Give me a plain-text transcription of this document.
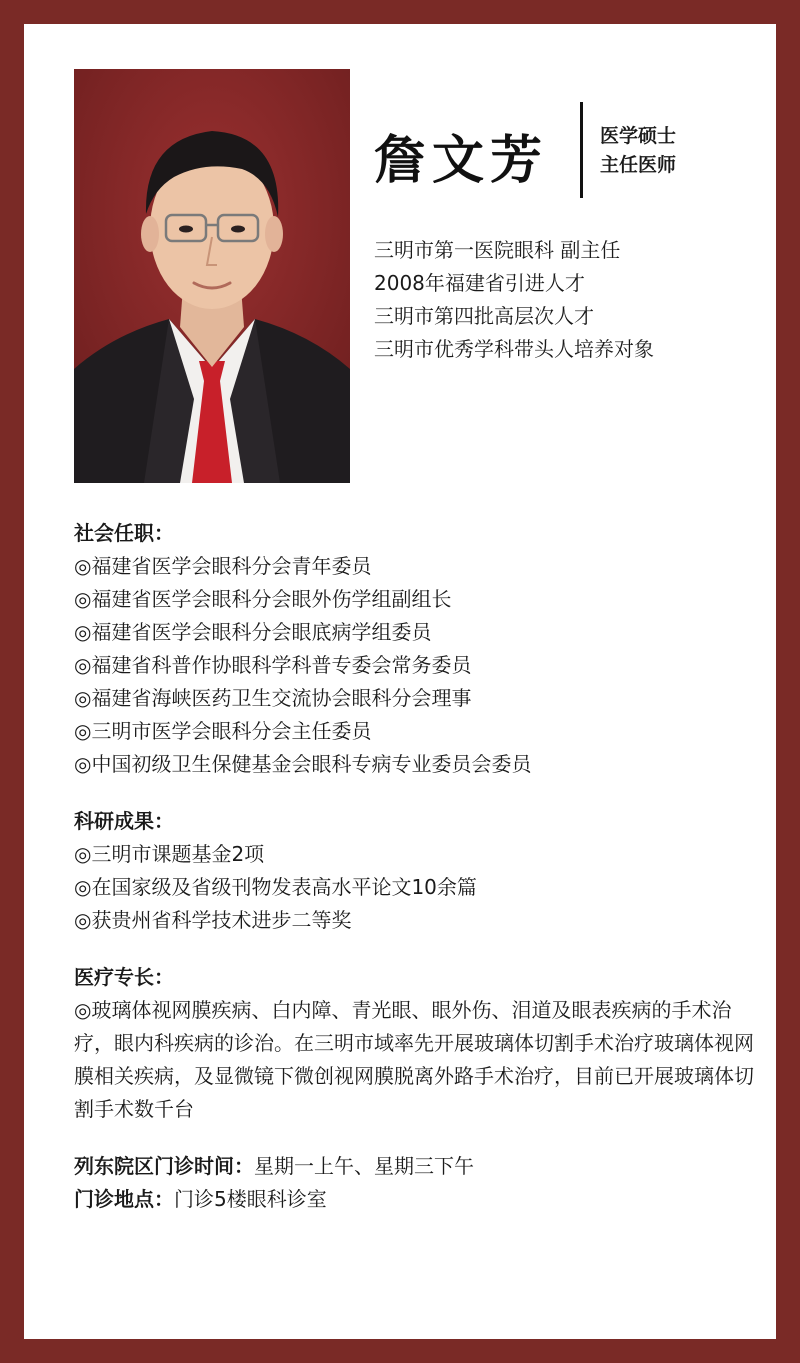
詹文芳	医学硕士
主任医师
三明市第一医院眼科 副主任
2008年福建省引进人才
三明市第四批高层次人才
三明市优秀学科带头人培养对象
社会任职：
◎福建省医学会眼科分会青年委员
◎福建省医学会眼科分会眼外伤学组副组长
◎福建省医学会眼科分会眼底病学组委员
◎福建省科普作协眼科学科普专委会常务委员
◎福建省海峡医药卫生交流协会眼科分会理事
◎三明市医学会眼科分会主任委员
◎中国初级卫生保健基金会眼科专病专业委员会委员
科研成果：
◎三明市课题基金2项
◎在国家级及省级刊物发表高水平论文10余篇
◎获贵州省科学技术进步二等奖
医疗专长：
◎玻璃体视网膜疾病、白内障、青光眼、眼外伤、泪道及眼表疾病的手术治疗，眼内科疾病的诊治。在三明市域率先开展玻璃体切割手术治疗玻璃体视网膜相关疾病，及显微镜下微创视网膜脱离外路手术治疗，目前已开展玻璃体切割手术数千台
列东院区门诊时间：星期一上午、星期三下午
门诊地点：门诊5楼眼科诊室
